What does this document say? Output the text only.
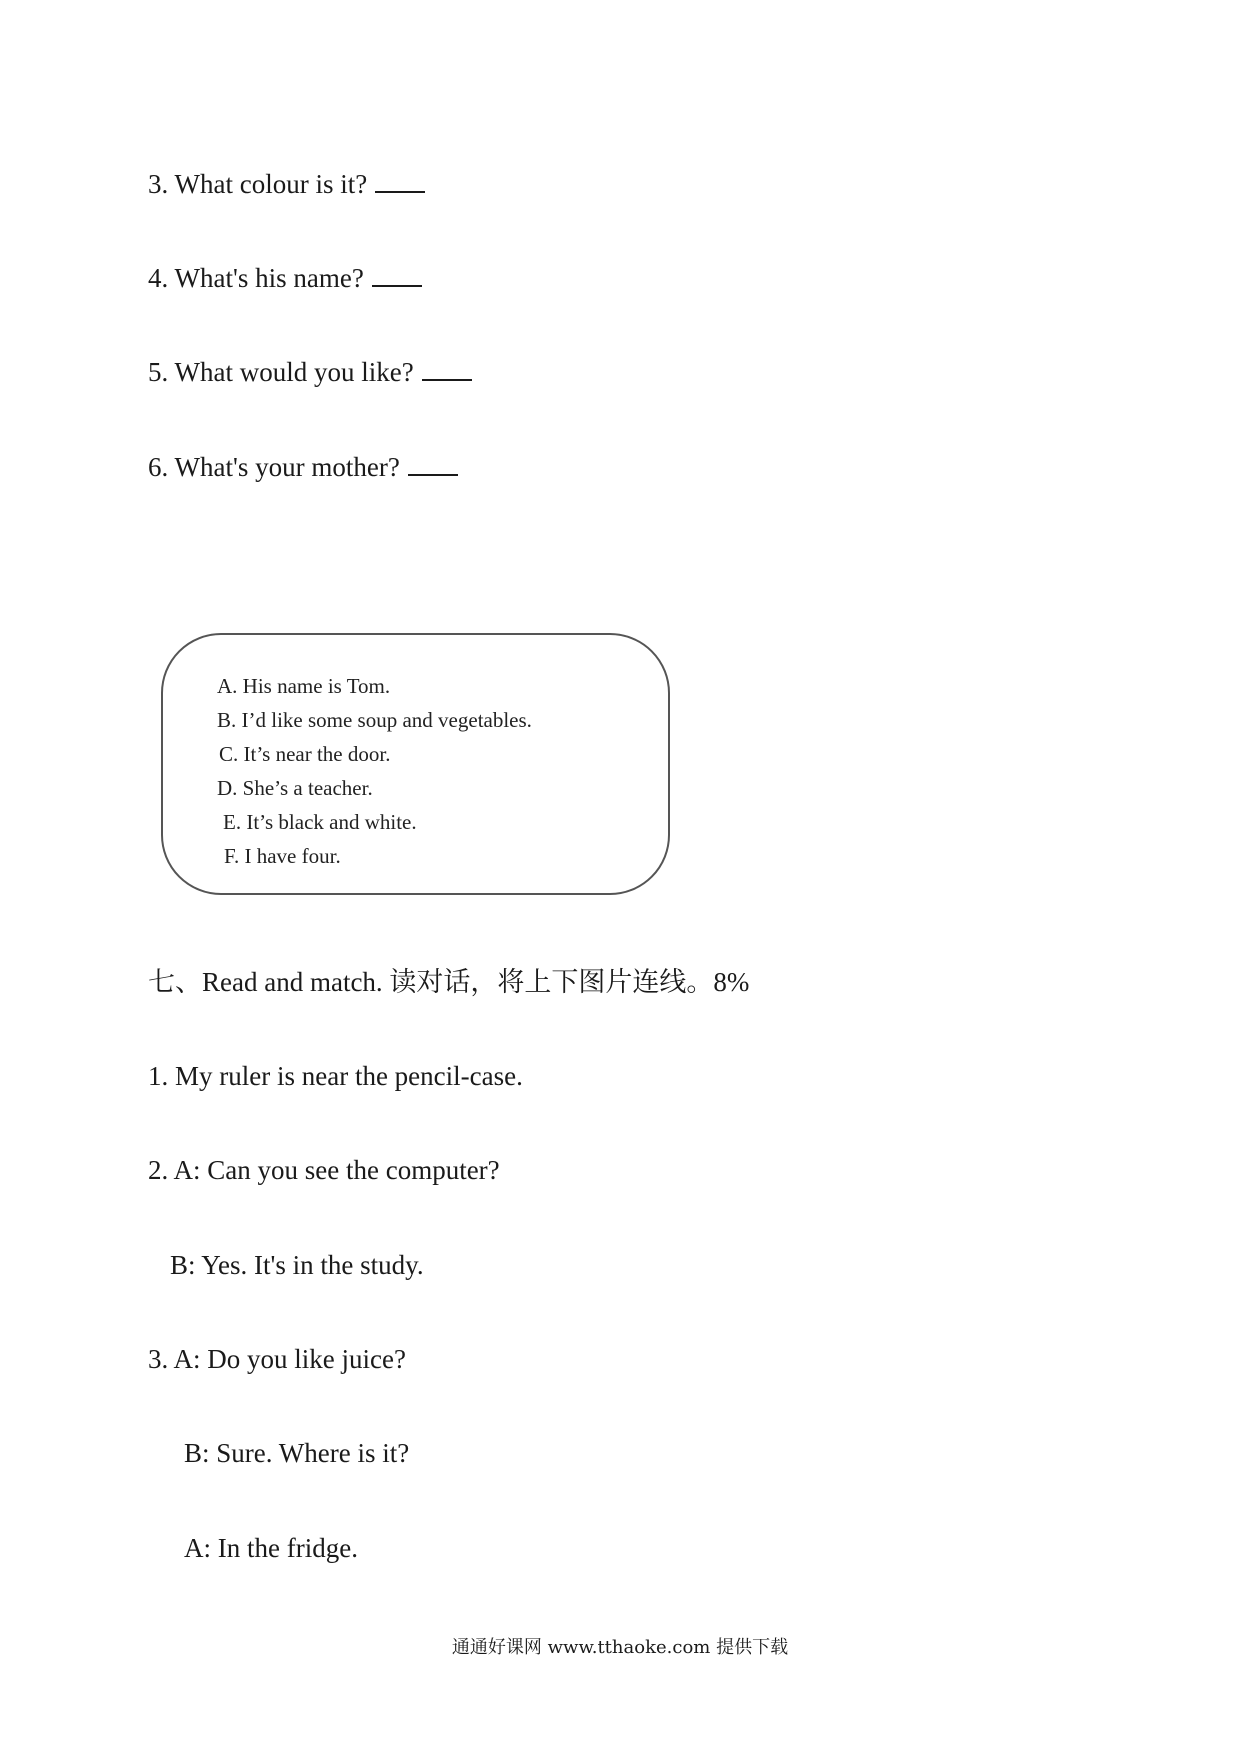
3. What colour is it?
4. What's his name?
5. What would you like?
6. What's your mother?
A. His name is Tom.
B. I’d like some soup and vegetables.
C. It’s near the door.
D. She’s a teacher.
E. It’s black and white.
F. I have four.
七、Read and match. 读对话，将上下图片连线。8%
1. My ruler is near the pencil-case.
2. A: Can you see the computer?
B: Yes. It's in the study.
3. A: Do you like juice?
B: Sure. Where is it?
A: In the fridge.
通通好课网 www.tthaoke.com 提供下载
